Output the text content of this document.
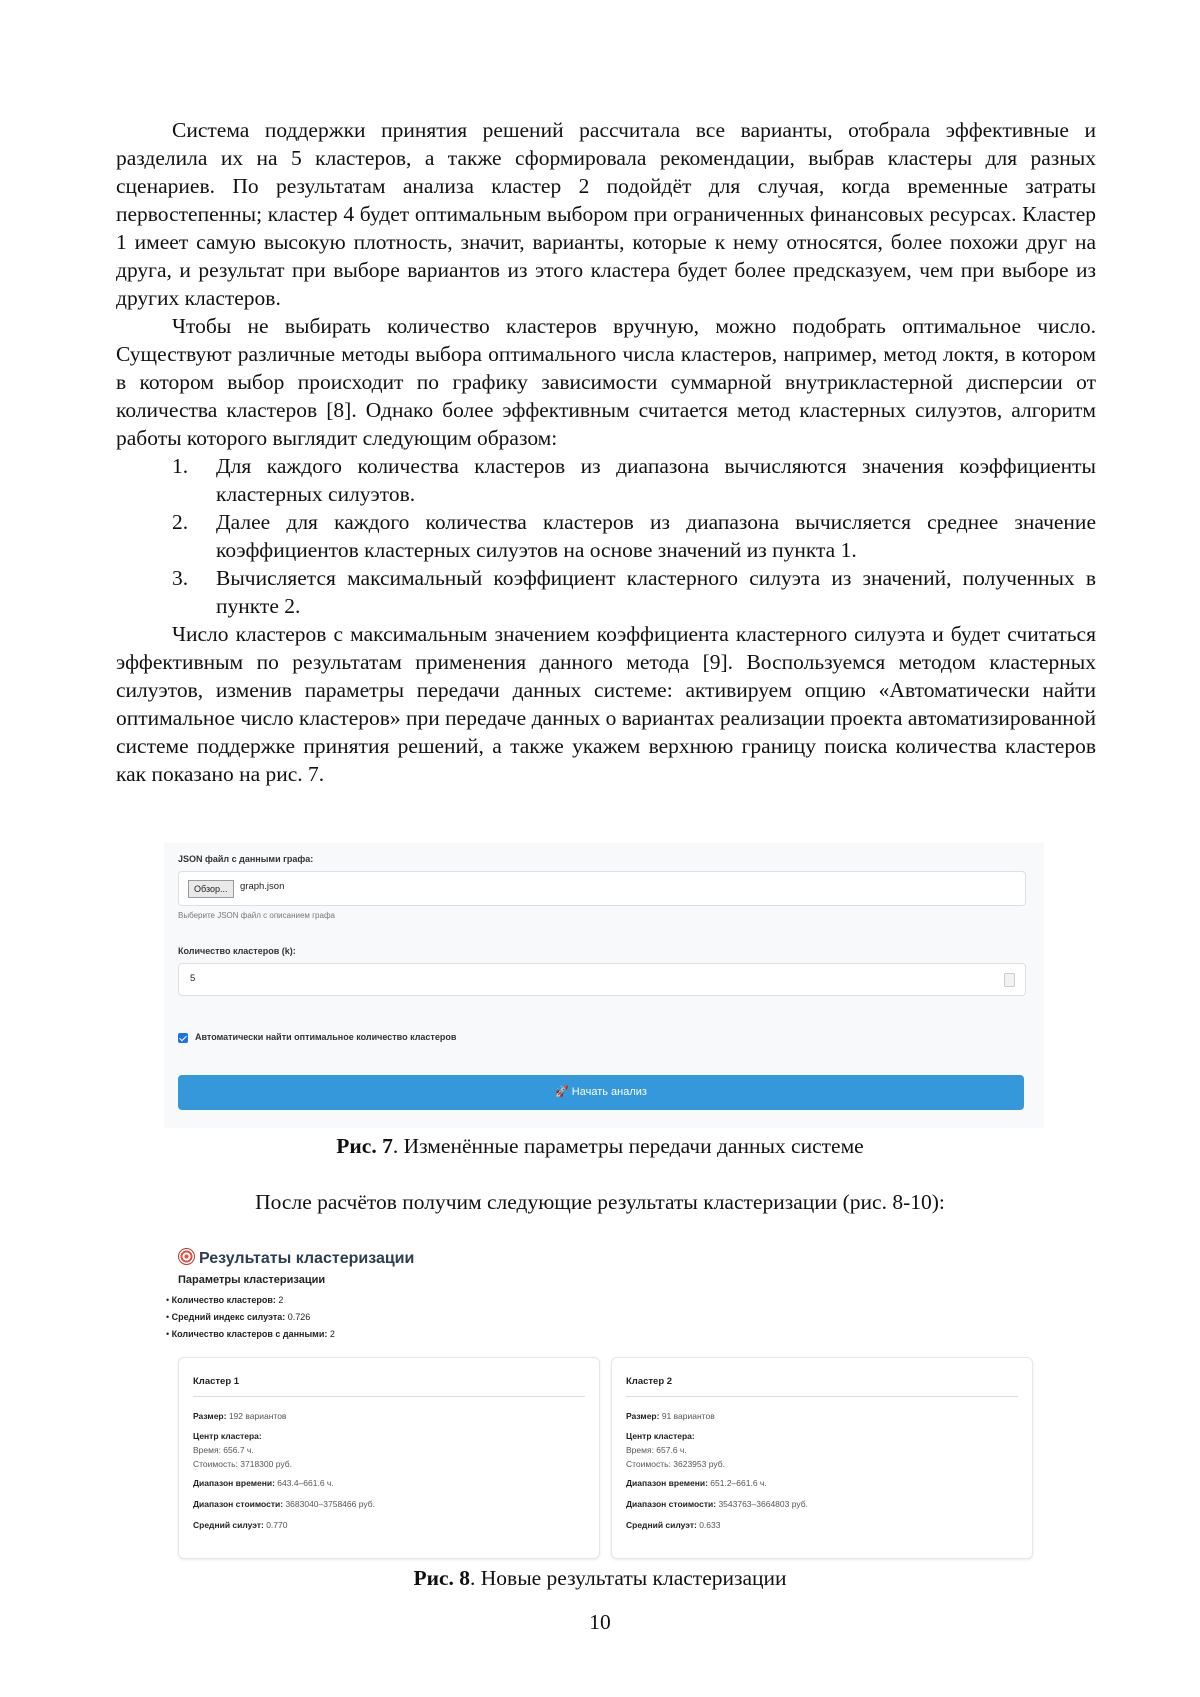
Система поддержки принятия решений рассчитала все варианты, отобрала эффективные и разделила их на 5 кластеров, а также сформировала рекомендации, выбрав кластеры для разных сценариев. По результатам анализа кластер 2 подойдёт для случая, когда временные затраты первостепенны; кластер 4 будет оптимальным выбором при ограниченных финансовых ресурсах. Кластер 1 имеет самую высокую плотность, значит, варианты, которые к нему относятся, более похожи друг на друга, и результат при выборе вариантов из этого кластера будет более предсказуем, чем при выборе из других кластеров.

Чтобы не выбирать количество кластеров вручную, можно подобрать оптимальное число. Существуют различные методы выбора оптимального числа кластеров, например, метод локтя, в котором в котором выбор происходит по графику зависимости суммарной внутрикластерной дисперсии от количества кластеров [8]. Однако более эффективным считается метод кластерных силуэтов, алгоритм работы которого выглядит следующим образом:

1. Для каждого количества кластеров из диапазона вычисляются значения коэффициенты кластерных силуэтов.
2. Далее для каждого количества кластеров из диапазона вычисляется среднее значение коэффициентов кластерных силуэтов на основе значений из пункта 1.
3. Вычисляется максимальный коэффициент кластерного силуэта из значений, полученных в пункте 2.

Число кластеров с максимальным значением коэффициента кластерного силуэта и будет считаться эффективным по результатам применения данного метода [9]. Воспользуемся методом кластерных силуэтов, изменив параметры передачи данных системе: активируем опцию «Автоматически найти оптимальное число кластеров» при передаче данных о вариантах реализации проекта автоматизированной системе поддержке принятия решений, а также укажем верхнюю границу поиска количества кластеров как показано на рис. 7.

JSON файл с данными графа:
Обзор...	graph.json
Выберите JSON файл с описанием графа
Количество кластеров (k):
5
Автоматически найти оптимальное количество кластеров
🚀 Начать анализ
Рис. 7. Изменённые параметры передачи данных системе
После расчётов получим следующие результаты кластеризации (рис. 8-10):
Результаты кластеризации
Параметры кластеризации
• Количество кластеров: 2
• Средний индекс силуэта: 0.726
• Количество кластеров с данными: 2
Кластер 1
Размер: 192 вариантов
Центр кластера:
Время: 656.7 ч.
Стоимость: 3718300 руб.
Диапазон времени: 643.4–661.6 ч.
Диапазон стоимости: 3683040–3758466 руб.
Средний силуэт: 0.770
Кластер 2
Размер: 91 вариантов
Центр кластера:
Время: 657.6 ч.
Стоимость: 3623953 руб.
Диапазон времени: 651.2–661.6 ч.
Диапазон стоимости: 3543763–3664803 руб.
Средний силуэт: 0.633
Рис. 8. Новые результаты кластеризации
10
